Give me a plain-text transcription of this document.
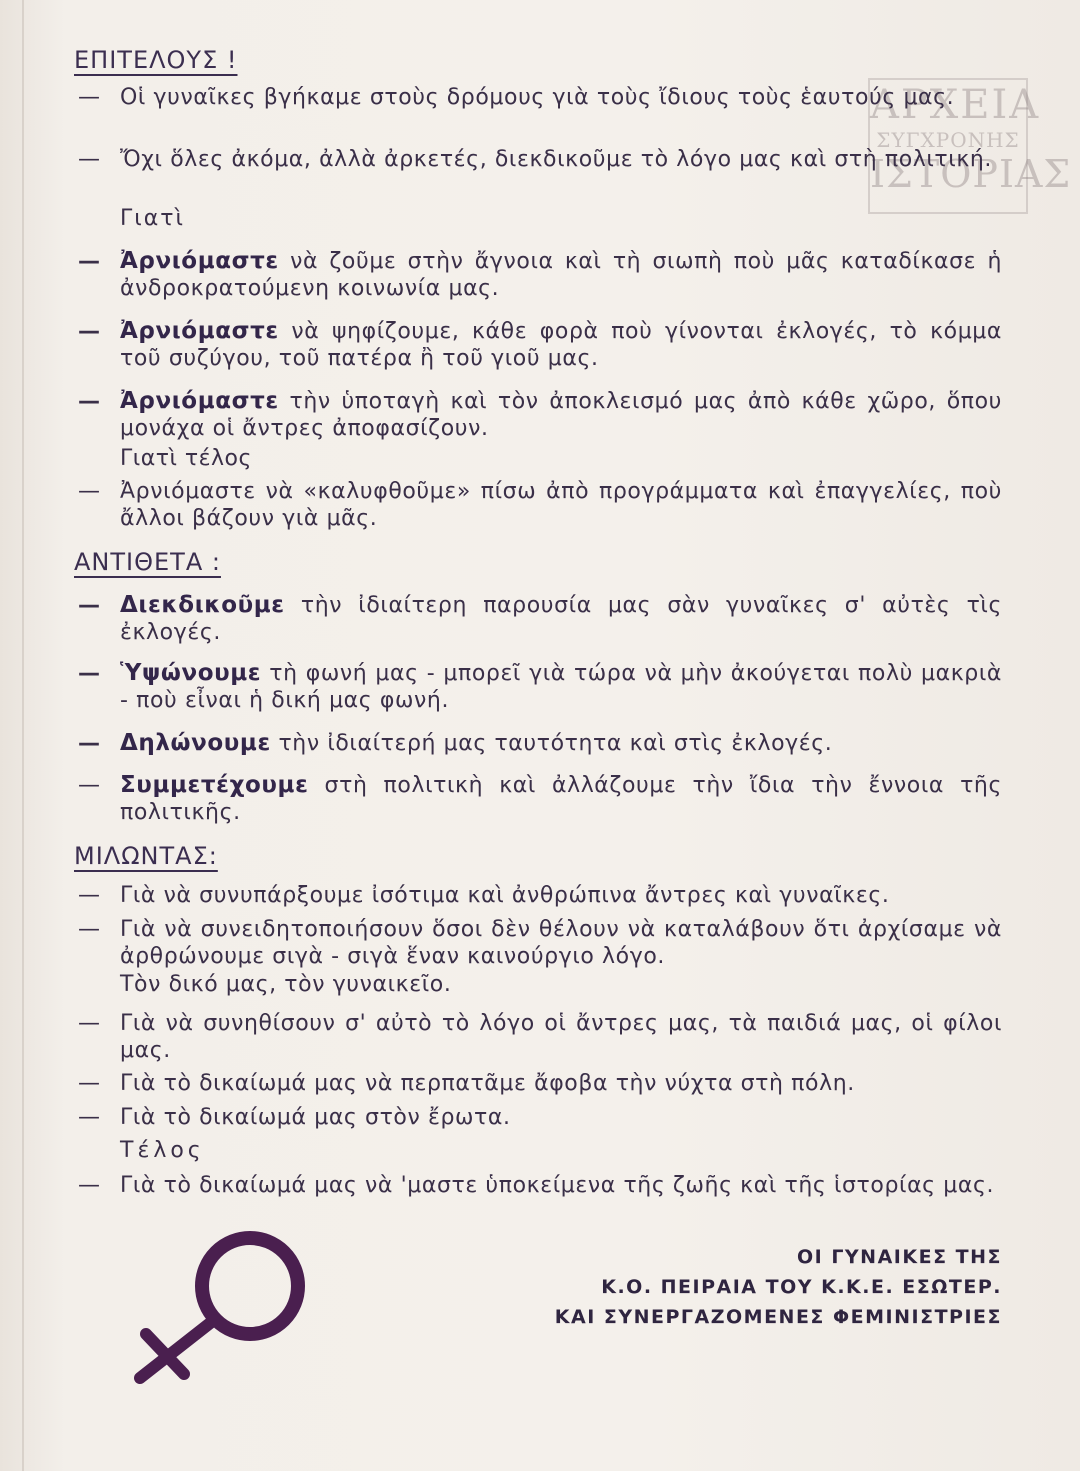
ΑΡΧΕΙΑ
ΣΥΓΧΡΟΝΗΣ
ΙΣΤΟΡΙΑΣ
ΕΠΙΤΕΛΟΥΣ !
— Οἱ γυναῖκες βγήκαμε στοὺς δρόμους γιὰ τοὺς ἴδιους τοὺς ἑαυτούς μας.
— Ὄχι ὅλες ἀκόμα, ἀλλὰ ἀρκετές, διεκδικοῦμε τὸ λόγο μας καὶ στὴ πολιτική.
Γιατὶ
— Ἀρνιόμαστε νὰ ζοῦμε στὴν ἄγνοια καὶ τὴ σιωπὴ ποὺ μᾶς καταδίκασε ἡ ἀνδροκρατούμενη κοινωνία μας.
— Ἀρνιόμαστε νὰ ψηφίζουμε, κάθε φορὰ ποὺ γίνονται ἐκλογές, τὸ κόμμα τοῦ συζύγου, τοῦ πατέρα ἢ τοῦ γιοῦ μας.
— Ἀρνιόμαστε τὴν ὑποταγὴ καὶ τὸν ἀποκλεισμό μας ἀπὸ κάθε χῶρο, ὅπου μονάχα οἱ ἄντρες ἀποφασίζουν.
Γιατὶ τέλος
— Ἀρνιόμαστε νὰ «καλυφθοῦμε» πίσω ἀπὸ προγράμματα καὶ ἐπαγγελίες, ποὺ ἄλλοι βάζουν γιὰ μᾶς.
ΑΝΤΙΘΕΤΑ :
— Διεκδικοῦμε τὴν ἰδιαίτερη παρουσία μας σὰν γυναῖκες σ' αὐτὲς τὶς ἐκλογές.
— Ὑψώνουμε τὴ φωνή μας - μπορεῖ γιὰ τώρα νὰ μὴν ἀκούγεται πολὺ μακριὰ - ποὺ εἶναι ἡ δική μας φωνή.
— Δηλώνουμε τὴν ἰδιαίτερή μας ταυτότητα καὶ στὶς ἐκλογές.
— Συμμετέχουμε στὴ πολιτικὴ καὶ ἀλλάζουμε τὴν ἴδια τὴν ἔννοια τῆς πολιτικῆς.
ΜΙΛΩΝΤΑΣ:
— Γιὰ νὰ συνυπάρξουμε ἰσότιμα καὶ ἀνθρώπινα ἄντρες καὶ γυναῖκες.
— Γιὰ νὰ συνειδητοποιήσουν ὅσοι δὲν θέλουν νὰ καταλάβουν ὅτι ἀρχίσαμε νὰ ἀρθρώνουμε σιγὰ - σιγὰ ἕναν καινούργιο λόγο.
Τὸν δικό μας, τὸν γυναικεῖο.
— Γιὰ νὰ συνηθίσουν σ' αὐτὸ τὸ λόγο οἱ ἄντρες μας, τὰ παιδιά μας, οἱ φίλοι μας.
— Γιὰ τὸ δικαίωμά μας νὰ περπατᾶμε ἄφοβα τὴν νύχτα στὴ πόλη.
— Γιὰ τὸ δικαίωμά μας στὸν ἔρωτα.
Τέλος
— Γιὰ τὸ δικαίωμά μας νὰ 'μαστε ὑποκείμενα τῆς ζωῆς καὶ τῆς ἱστορίας μας.
ΟΙ ΓΥΝΑΙΚΕΣ ΤΗΣ
Κ.Ο. ΠΕΙΡΑΙΑ ΤΟΥ Κ.Κ.Ε. ΕΣΩΤΕΡ.
ΚΑΙ ΣΥΝΕΡΓΑΖΟΜΕΝΕΣ ΦΕΜΙΝΙΣΤΡΙΕΣ
